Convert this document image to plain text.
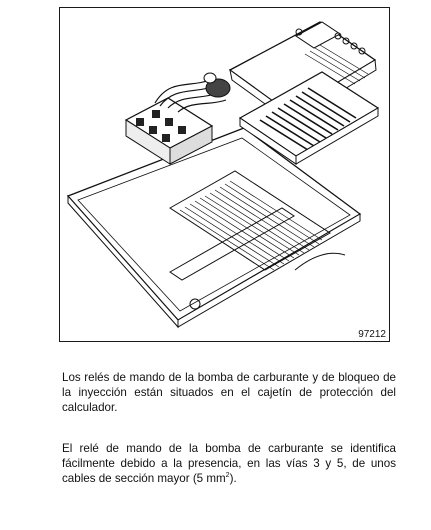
97212

Los relés de mando de la bomba de carburante y de bloqueo de la inyección están situados en el cajetín de protección del calculador.

El relé de mando de la bomba de carburante se identifica fácilmente debido a la presencia, en las vías 3 y 5, de unos cables de sección mayor (5 $mm^2$).
